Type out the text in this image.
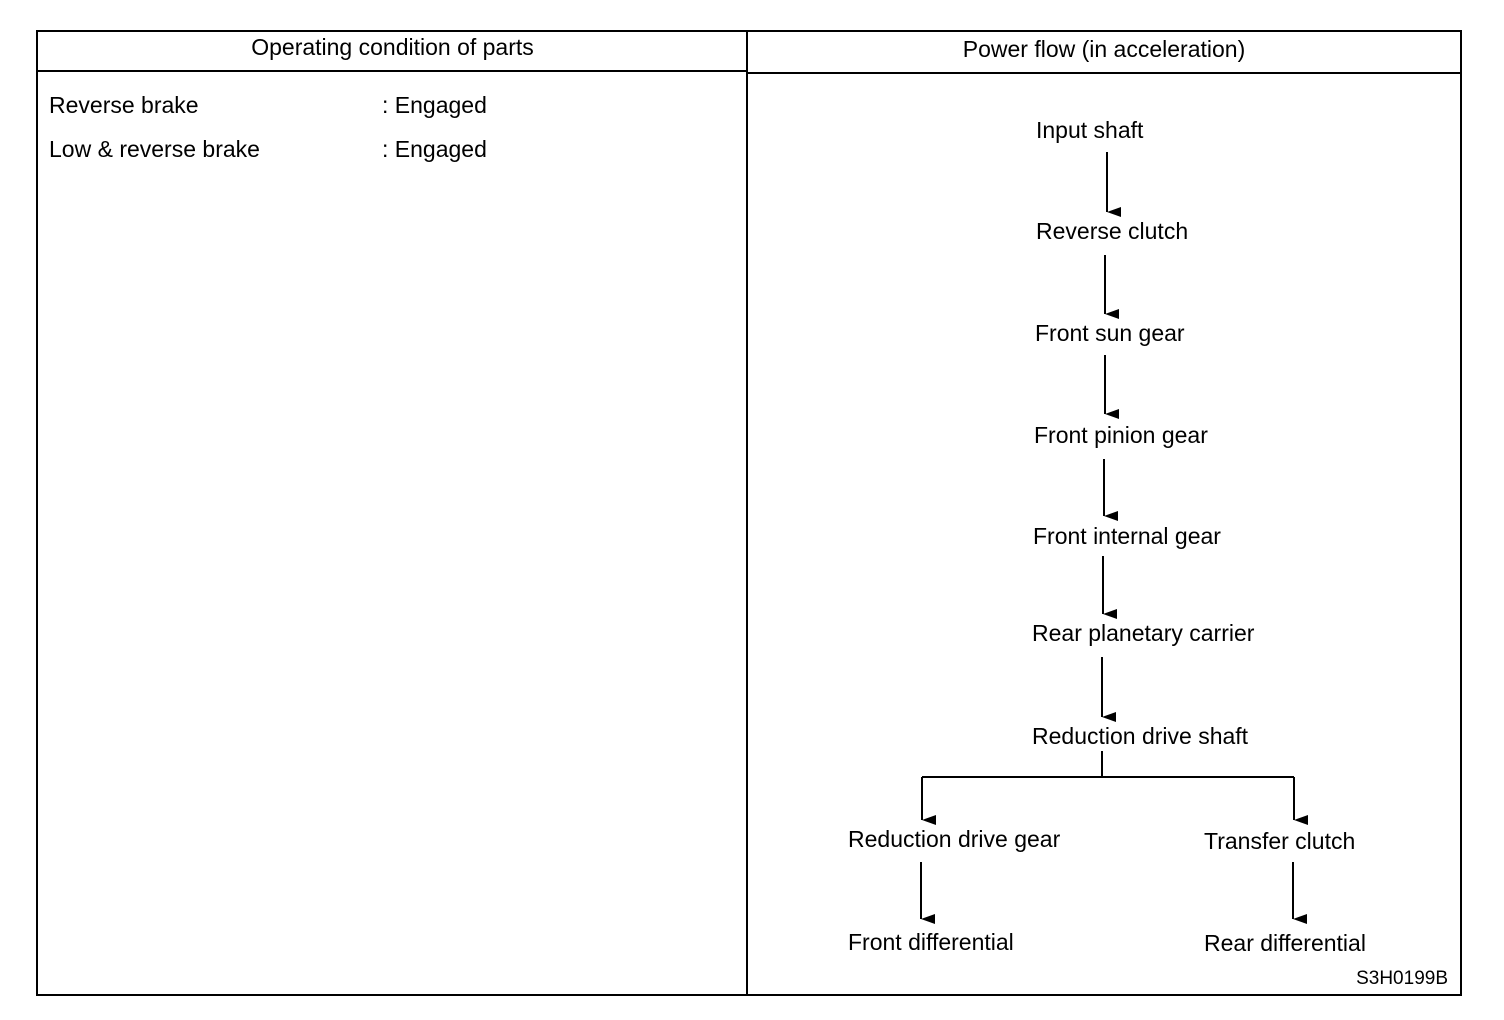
Operating condition of parts	Power flow (in acceleration)
Reverse brake	: Engaged
Low & reverse brake	: Engaged
Input shaft
Reverse clutch
Front sun gear
Front pinion gear
Front internal gear
Rear planetary carrier
Reduction drive shaft
Reduction drive gear
Front differential
Transfer clutch
Rear differential
S3H0199B
